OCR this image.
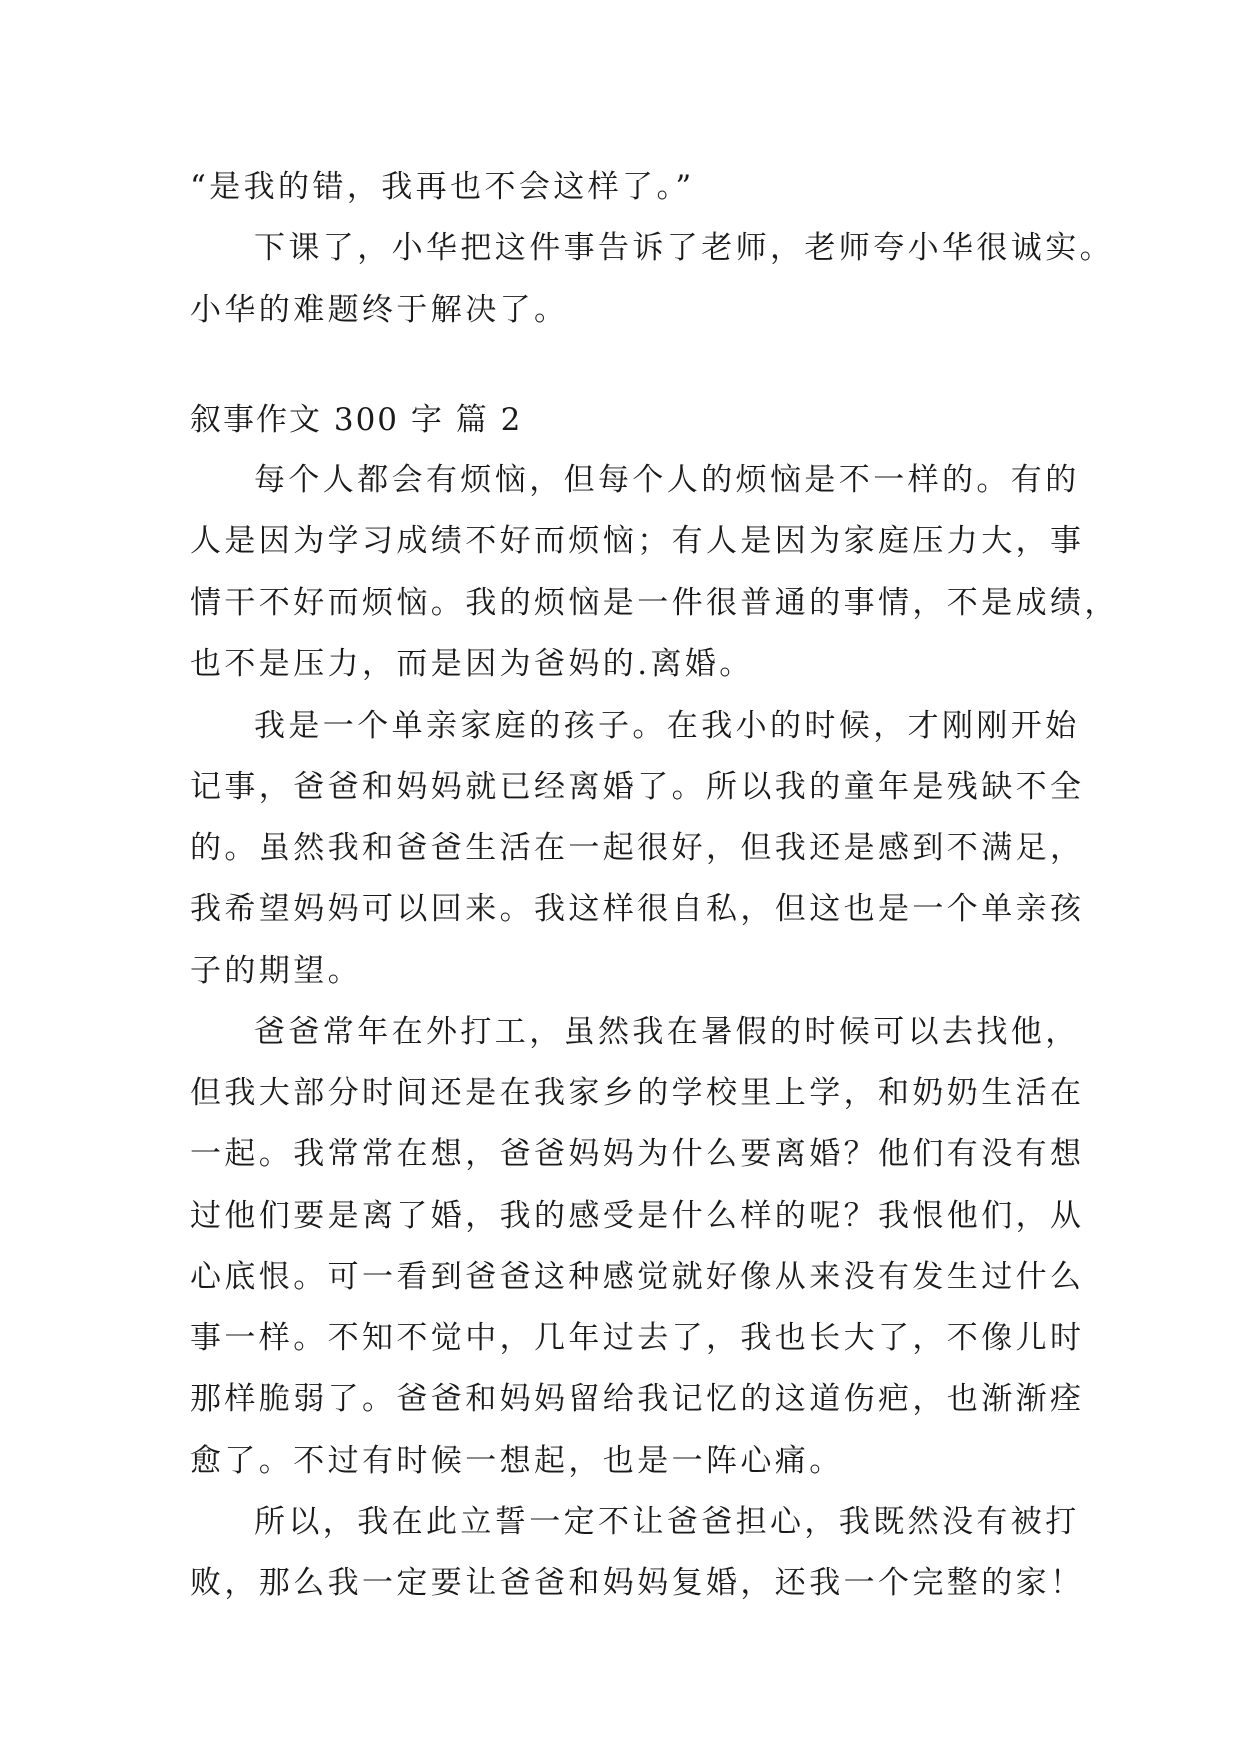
“是我的错，我再也不会这样了。”
下课了，小华把这件事告诉了老师，老师夸小华很诚实。
小华的难题终于解决了。
叙事作文 300 字 篇 2
每个人都会有烦恼，但每个人的烦恼是不一样的。有的
人是因为学习成绩不好而烦恼；有人是因为家庭压力大，事
情干不好而烦恼。我的烦恼是一件很普通的事情，不是成绩，
也不是压力，而是因为爸妈的.离婚。
我是一个单亲家庭的孩子。在我小的时候，才刚刚开始
记事，爸爸和妈妈就已经离婚了。所以我的童年是残缺不全
的。虽然我和爸爸生活在一起很好，但我还是感到不满足，
我希望妈妈可以回来。我这样很自私，但这也是一个单亲孩
子的期望。
爸爸常年在外打工，虽然我在暑假的时候可以去找他，
但我大部分时间还是在我家乡的学校里上学，和奶奶生活在
一起。我常常在想，爸爸妈妈为什么要离婚？他们有没有想
过他们要是离了婚，我的感受是什么样的呢？我恨他们，从
心底恨。可一看到爸爸这种感觉就好像从来没有发生过什么
事一样。不知不觉中，几年过去了，我也长大了，不像儿时
那样脆弱了。爸爸和妈妈留给我记忆的这道伤疤，也渐渐痊
愈了。不过有时候一想起，也是一阵心痛。
所以，我在此立誓一定不让爸爸担心，我既然没有被打
败，那么我一定要让爸爸和妈妈复婚，还我一个完整的家！
